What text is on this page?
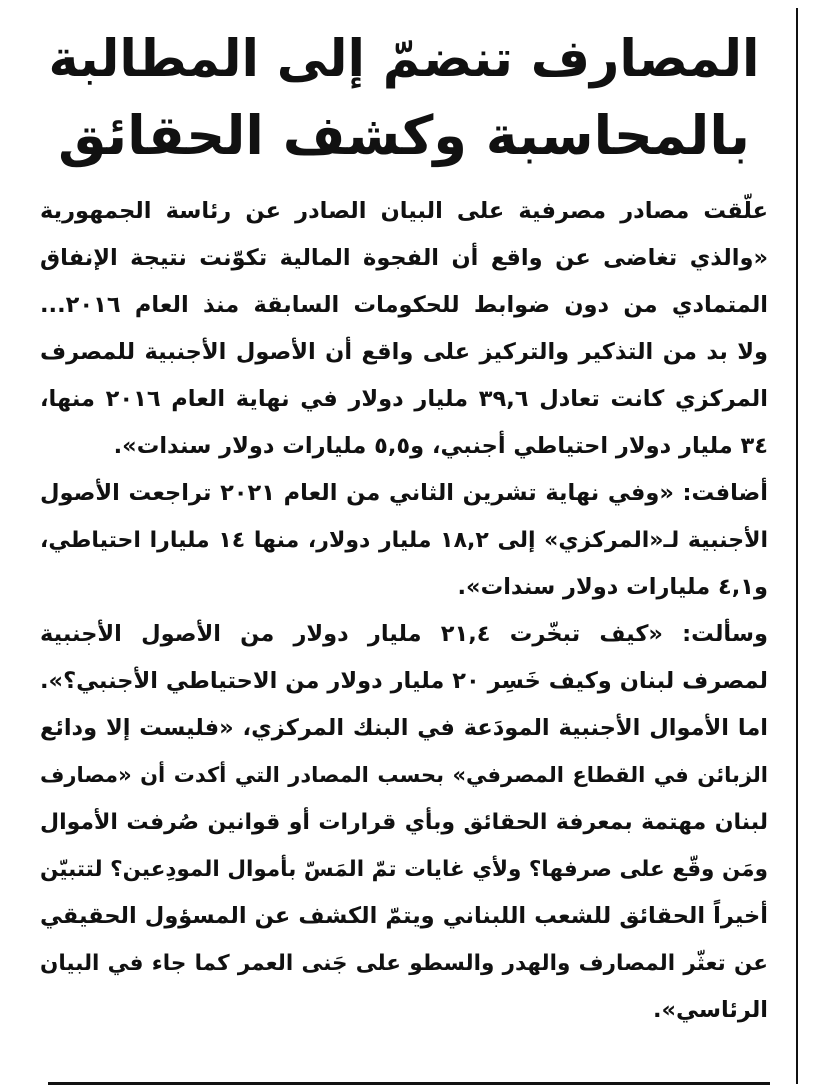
المصارف تنضمّ إلى المطالبة
بالمحاسبة وكشف الحقائق

علّقت مصادر مصرفية على البيان الصادر عن رئاسة الجمهورية
«والذي تغاضى عن واقع أن الفجوة المالية تكوّنت نتيجة الإنفاق
المتمادي من دون ضوابط للحكومات السابقة منذ العام ٢٠١٦...
ولا بد من التذكير والتركيز على واقع أن الأصول الأجنبية للمصرف
المركزي كانت تعادل ٣٩,٦ مليار دولار في نهاية العام ٢٠١٦ منها،
٣٤ مليار دولار احتياطي أجنبي، و٥,٥ مليارات دولار سندات».

أضافت: «وفي نهاية تشرين الثاني من العام ٢٠٢١ تراجعت الأصول
الأجنبية لـ«المركزي» إلى ١٨,٢ مليار دولار، منها ١٤ مليارا احتياطي،
و٤,١ مليارات دولار سندات».

وسألت: «كيف تبخّرت ٢١,٤ مليار دولار من الأصول الأجنبية
لمصرف لبنان وكيف خَسِر ٢٠ مليار دولار من الاحتياطي الأجنبي؟».
اما الأموال الأجنبية المودَعة في البنك المركزي، «فليست إلا ودائع
الزبائن في القطاع المصرفي» بحسب المصادر التي أكدت أن «مصارف
لبنان مهتمة بمعرفة الحقائق وبأي قرارات أو قوانين صُرفت الأموال
ومَن وقّع على صرفها؟ ولأي غايات تمّ المَسّ بأموال المودِعين؟ لتتبيّن
أخيراً الحقائق للشعب اللبناني ويتمّ الكشف عن المسؤول الحقيقي
عن تعثّر المصارف والهدر والسطو على جَنى العمر كما جاء في البيان
الرئاسي».
